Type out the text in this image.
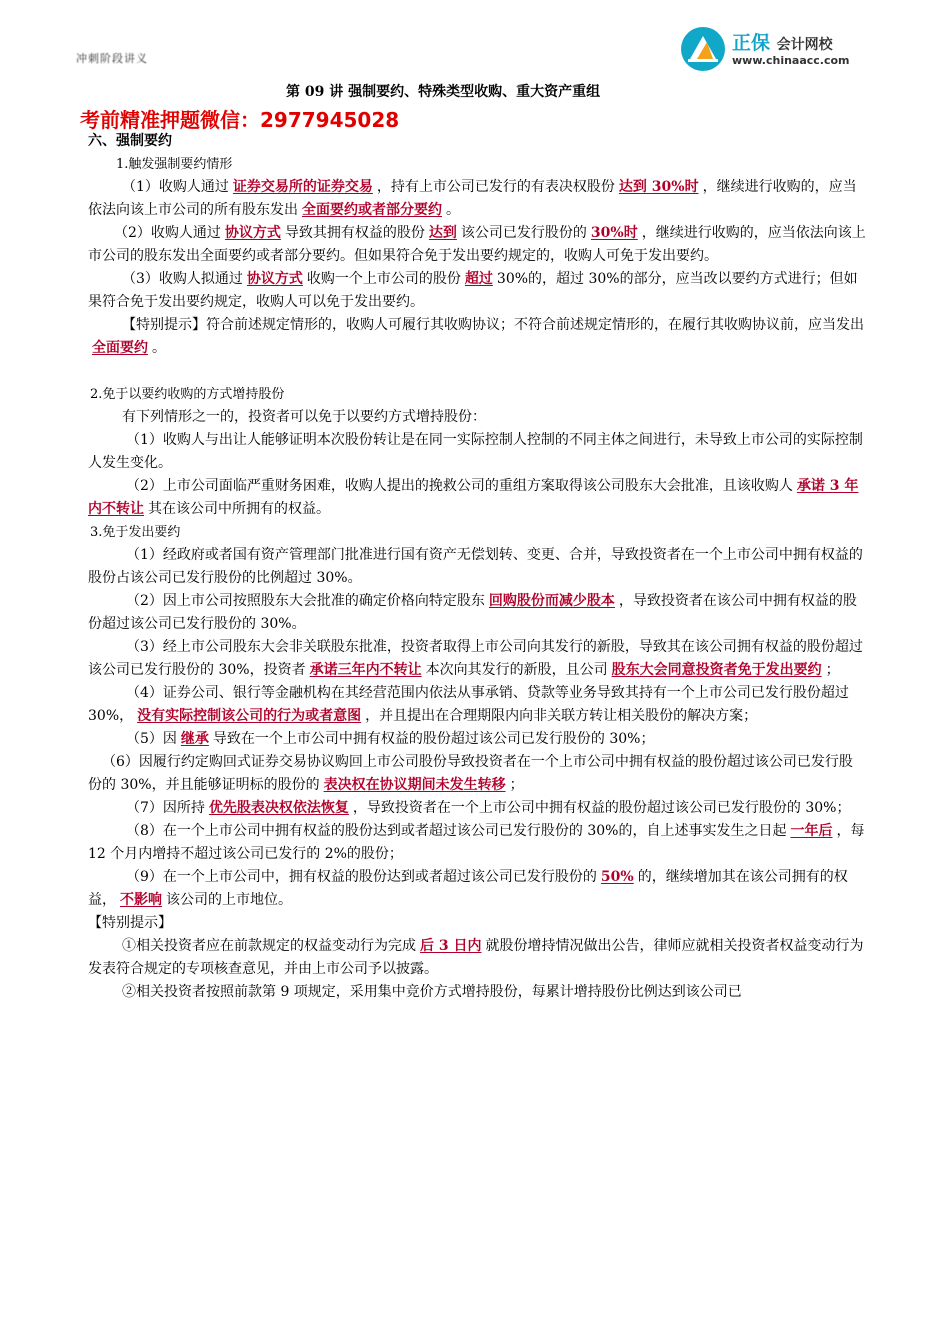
冲刺阶段讲义
正保 会计网校
www.chinaacc.com
第 09 讲 强制要约、特殊类型收购、重大资产重组
考前精准押题微信：2977945028

六、强制要约

1.触发强制要约情形

（1）收购人通过 证券交易所的证券交易 ，持有上市公司已发行的有表决权股份 达到 30%时 ，继续进行收购的，应当依法向该上市公司的所有股东发出 全面要约或者部分要约 。

（2）收购人通过 协议方式 导致其拥有权益的股份 达到 该公司已发行股份的 30%时 ，继续进行收购的，应当依法向该上市公司的股东发出全面要约或者部分要约。但如果符合免于发出要约规定的，收购人可免于发出要约。

（3）收购人拟通过 协议方式 收购一个上市公司的股份 超过 30%的，超过 30%的部分，应当改以要约方式进行；但如果符合免于发出要约规定，收购人可以免于发出要约。

【特别提示】符合前述规定情形的，收购人可履行其收购协议；不符合前述规定情形的，在履行其收购协议前，应当发出全面要约 。

2.免于以要约收购的方式增持股份

有下列情形之一的，投资者可以免于以要约方式增持股份：

（1）收购人与出让人能够证明本次股份转让是在同一实际控制人控制的不同主体之间进行，未导致上市公司的实际控制人发生变化。

（2）上市公司面临严重财务困难，收购人提出的挽救公司的重组方案取得该公司股东大会批准，且该收购人 承诺 3 年内不转让 其在该公司中所拥有的权益。

3.免于发出要约

（1）经政府或者国有资产管理部门批准进行国有资产无偿划转、变更、合并，导致投资者在一个上市公司中拥有权益的股份占该公司已发行股份的比例超过 30%。

（2）因上市公司按照股东大会批准的确定价格向特定股东 回购股份而减少股本 ，导致投资者在该公司中拥有权益的股份超过该公司已发行股份的 30%。

（3）经上市公司股东大会非关联股东批准，投资者取得上市公司向其发行的新股，导致其在该公司拥有权益的股份超过该公司已发行股份的 30%，投资者 承诺三年内不转让 本次向其发行的新股，且公司 股东大会同意投资者免于发出要约 ；

（4）证券公司、银行等金融机构在其经营范围内依法从事承销、贷款等业务导致其持有一个上市公司已发行股份超过 30%， 没有实际控制该公司的行为或者意图 ，并且提出在合理期限内向非关联方转让相关股份的解决方案；

（5）因 继承 导致在一个上市公司中拥有权益的股份超过该公司已发行股份的 30%；

（6）因履行约定购回式证券交易协议购回上市公司股份导致投资者在一个上市公司中拥有权益的股份超过该公司已发行股份的 30%，并且能够证明标的股份的 表决权在协议期间未发生转移 ；

（7）因所持 优先股表决权依法恢复 ，导致投资者在一个上市公司中拥有权益的股份超过该公司已发行股份的 30%；

（8）在一个上市公司中拥有权益的股份达到或者超过该公司已发行股份的 30%的，自上述事实发生之日起 一年后 ，每 12 个月内增持不超过该公司已发行的 2%的股份；

（9）在一个上市公司中，拥有权益的股份达到或者超过该公司已发行股份的 50% 的，继续增加其在该公司拥有的权益， 不影响 该公司的上市地位。

【特别提示】

①相关投资者应在前款规定的权益变动行为完成 后 3 日内 就股份增持情况做出公告，律师应就相关投资者权益变动行为发表符合规定的专项核查意见，并由上市公司予以披露。

②相关投资者按照前款第 9 项规定，采用集中竞价方式增持股份，每累计增持股份比例达到该公司已
